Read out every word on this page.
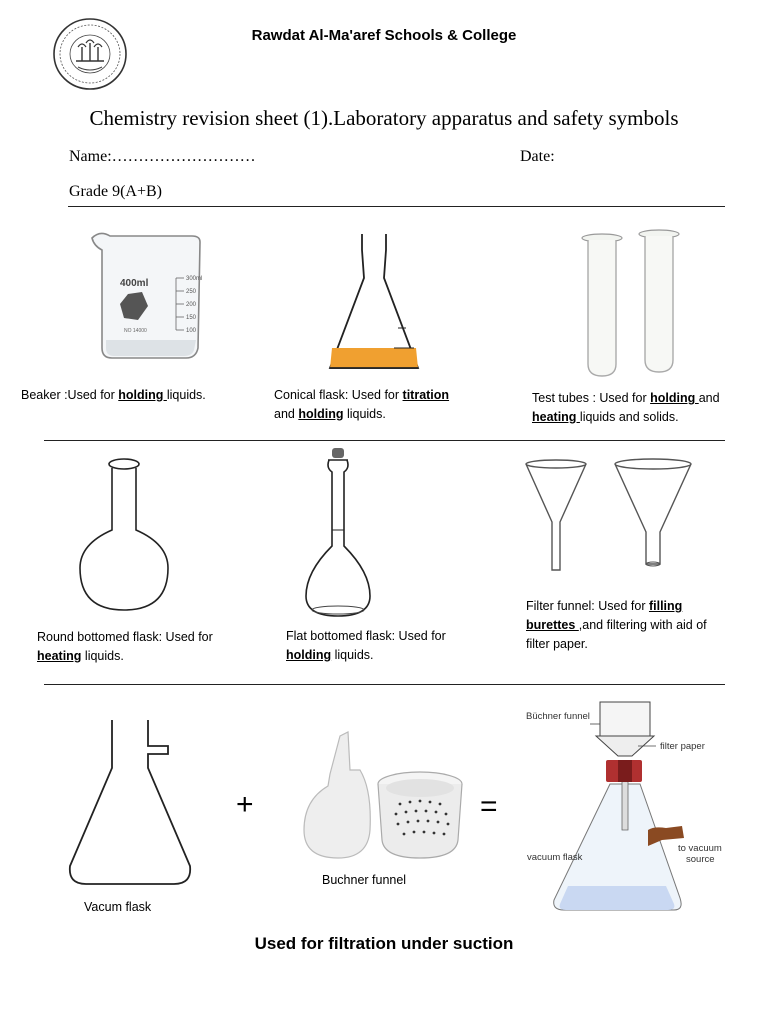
Rawdat Al-Ma'aref Schools & College
Chemistry revision sheet (1).Laboratory apparatus and safety symbols
Name:………………………	Date:
Grade 9(A+B)
400ml
NO 14000
300ml
250
200
150
100
Beaker :Used for holding liquids.	Conical flask: Used for titration
and holding liquids.
Test tubes : Used for holding and
heating liquids and solids.
Round bottomed flask: Used for
heating liquids.
Flat bottomed flask: Used for
holding liquids.
Filter funnel: Used for filling
burettes ,and filtering with aid of
filter paper.
+	=
Büchner funnel
filter paper
vacuum flask
to vacuum
source
Vacum flask
Buchner funnel
Used for filtration under suction
